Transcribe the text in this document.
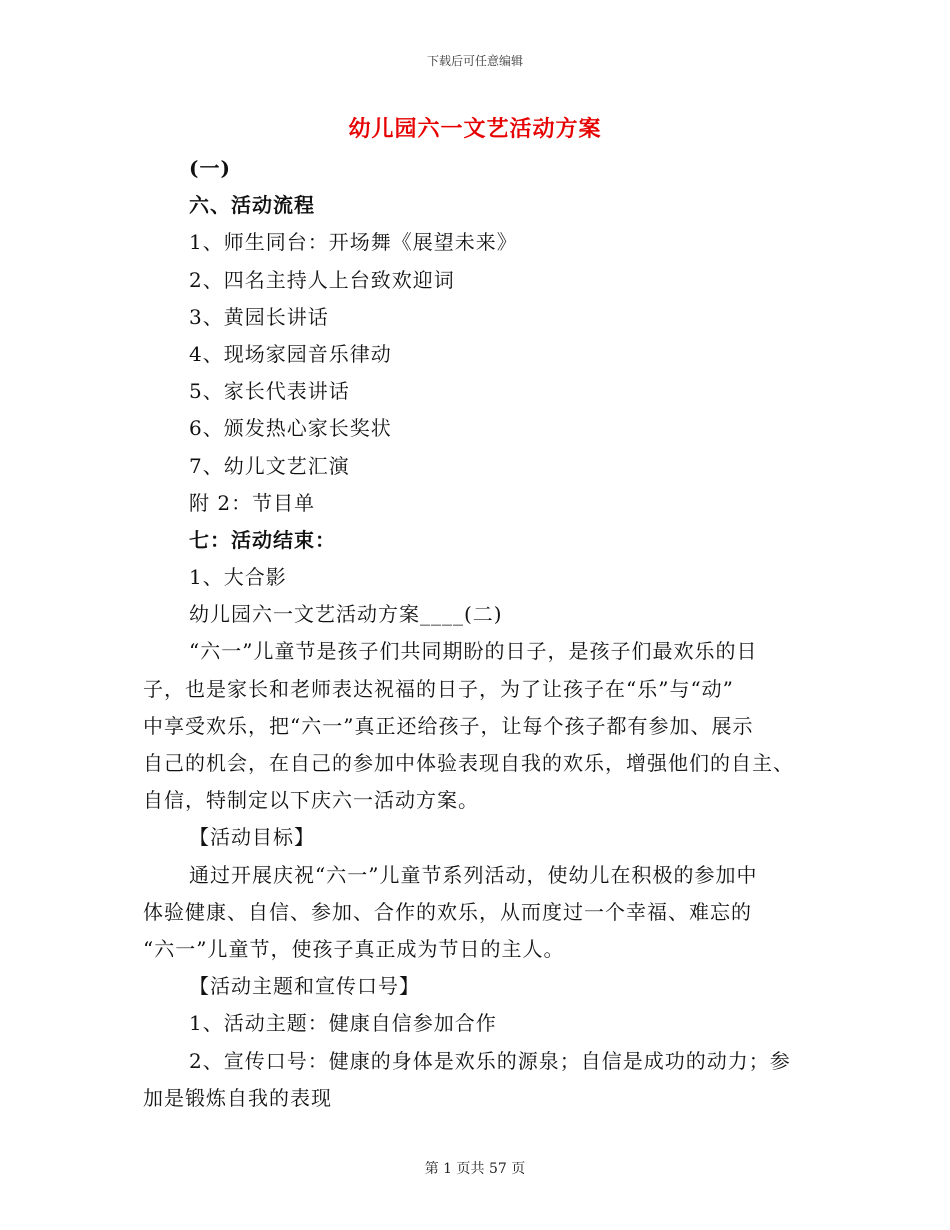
下载后可任意编辑
幼儿园六一文艺活动方案
(一)
六、活动流程
1、师生同台：开场舞《展望未来》
2、四名主持人上台致欢迎词
3、黄园长讲话
4、现场家园音乐律动
5、家长代表讲话
6、颁发热心家长奖状
7、幼儿文艺汇演
附 2：节目单
七：活动结束：
1、大合影
幼儿园六一文艺活动方案____(二)
“六一”儿童节是孩子们共同期盼的日子，是孩子们最欢乐的日
子，也是家长和老师表达祝福的日子，为了让孩子在“乐”与“动”
中享受欢乐，把“六一”真正还给孩子，让每个孩子都有参加、展示
自己的机会，在自己的参加中体验表现自我的欢乐，增强他们的自主、
自信，特制定以下庆六一活动方案。
【活动目标】
通过开展庆祝“六一”儿童节系列活动，使幼儿在积极的参加中
体验健康、自信、参加、合作的欢乐，从而度过一个幸福、难忘的
“六一”儿童节，使孩子真正成为节日的主人。
【活动主题和宣传口号】
1、活动主题：健康自信参加合作
2、宣传口号：健康的身体是欢乐的源泉；自信是成功的动力；参
加是锻炼自我的表现
第 1 页共 57 页
